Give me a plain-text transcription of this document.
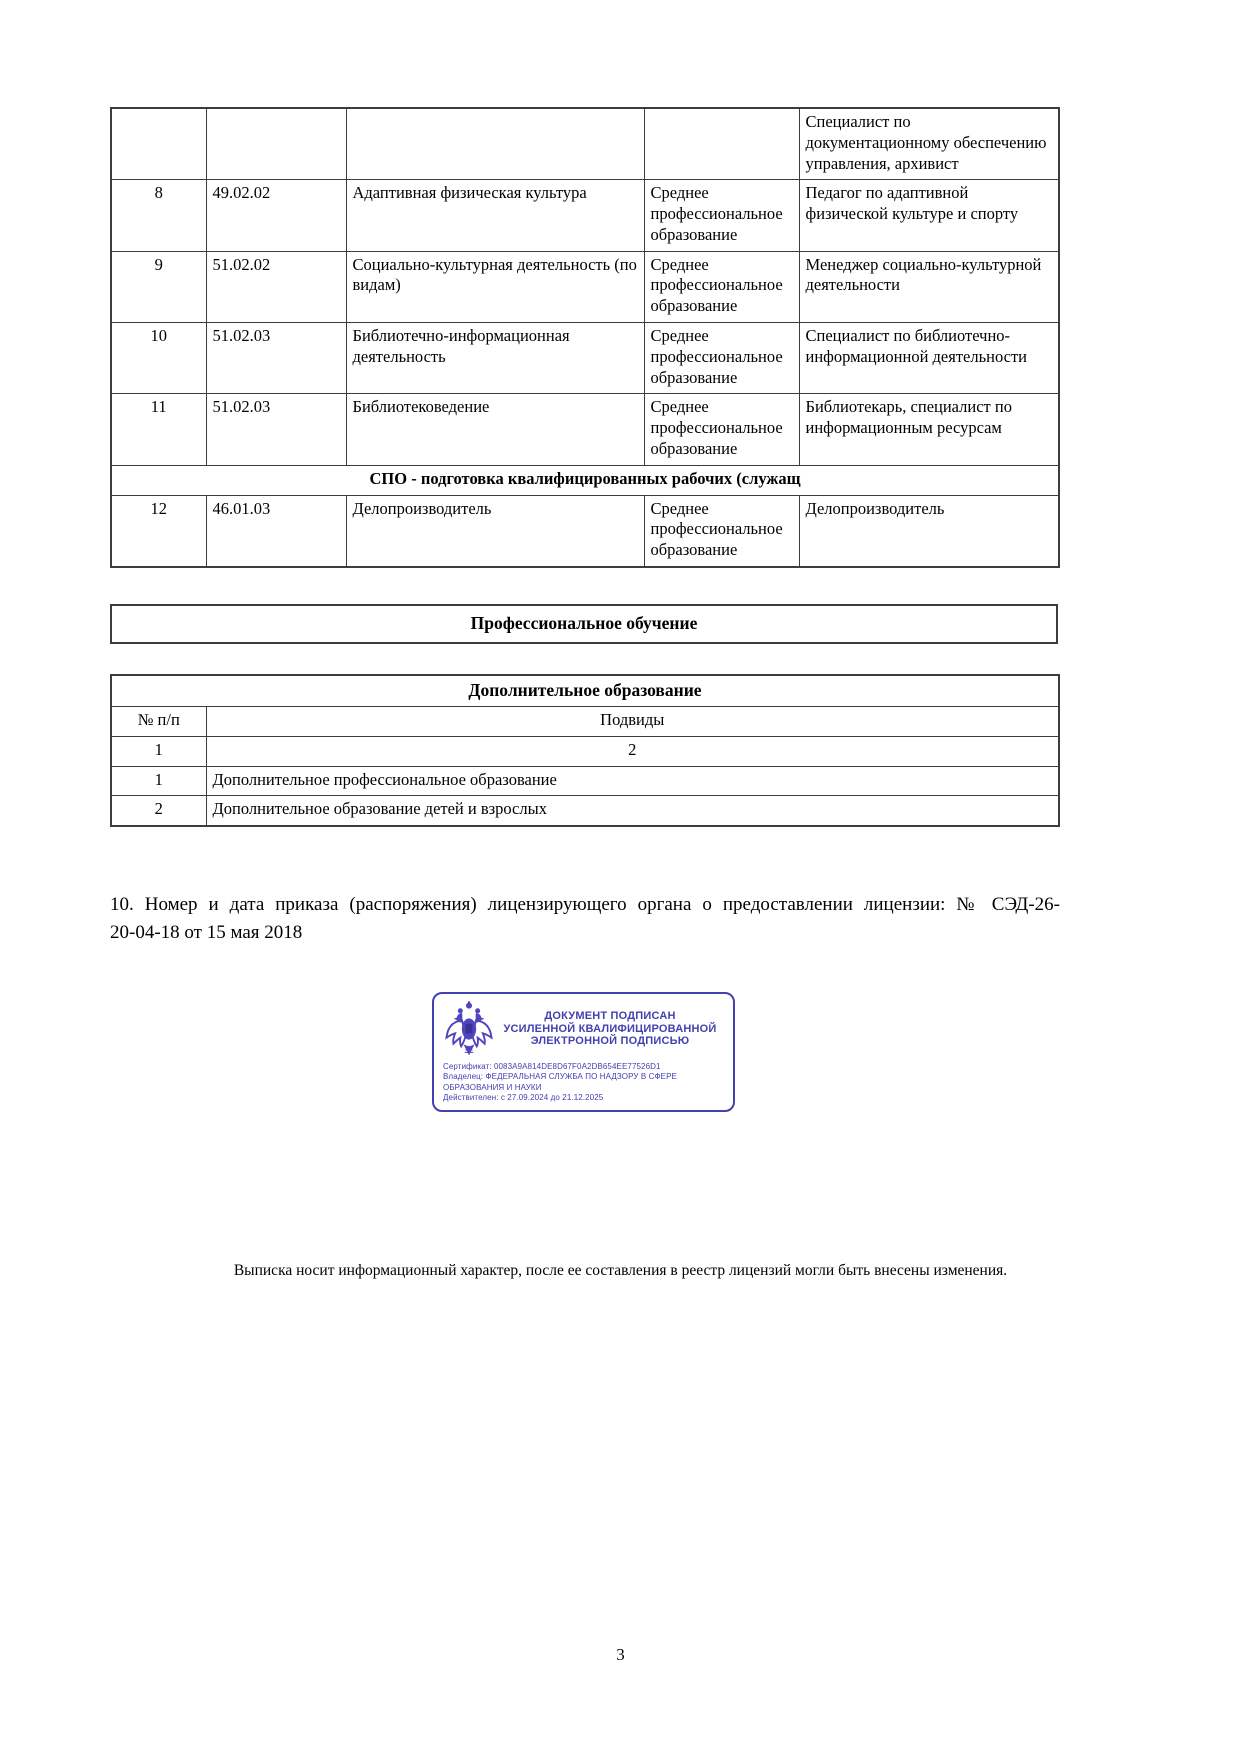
				Специалист по документационному обеспечению управления, архивист
8	49.02.02	Адаптивная физическая культура	Среднее профессиональное образование	Педагог по адаптивной физической культуре и спорту
9	51.02.02	Социально-культурная деятельность (по видам)	Среднее профессиональное образование	Менеджер социально-культурной деятельности
10	51.02.03	Библиотечно-информационная деятельность	Среднее профессиональное образование	Специалист по библиотечно-информационной деятельности
11	51.02.03	Библиотековедение	Среднее профессиональное образование	Библиотекарь, специалист по информационным ресурсам
СПО - подготовка квалифицированных рабочих (служащ				
12	46.01.03	Делопроизводитель	Среднее профессиональное образование	Делопроизводитель
Профессиональное обучение
Дополнительное образование	
№ п/п	Подвиды
1	2
1	Дополнительное профессиональное образование
2	Дополнительное образование детей и взрослых
10. Номер и дата приказа (распоряжения) лицензирующего органа о предоставлении лицензии: № СЭД-26-
20-04-18 от 15 мая 2018
ДОКУМЕНТ ПОДПИСАН
УСИЛЕННОЙ КВАЛИФИЦИРОВАННОЙ
ЭЛЕКТРОННОЙ ПОДПИСЬЮ
Сертификат: 0083A9A814DE8D67F0A2DB654EE77526D1
Владелец: ФЕДЕРАЛЬНАЯ СЛУЖБА ПО НАДЗОРУ В СФЕРЕ ОБРАЗОВАНИЯ И НАУКИ
Действителен: с 27.09.2024 до 21.12.2025
Выписка носит информационный характер, после ее составления в реестр лицензий могли быть внесены изменения.
3
